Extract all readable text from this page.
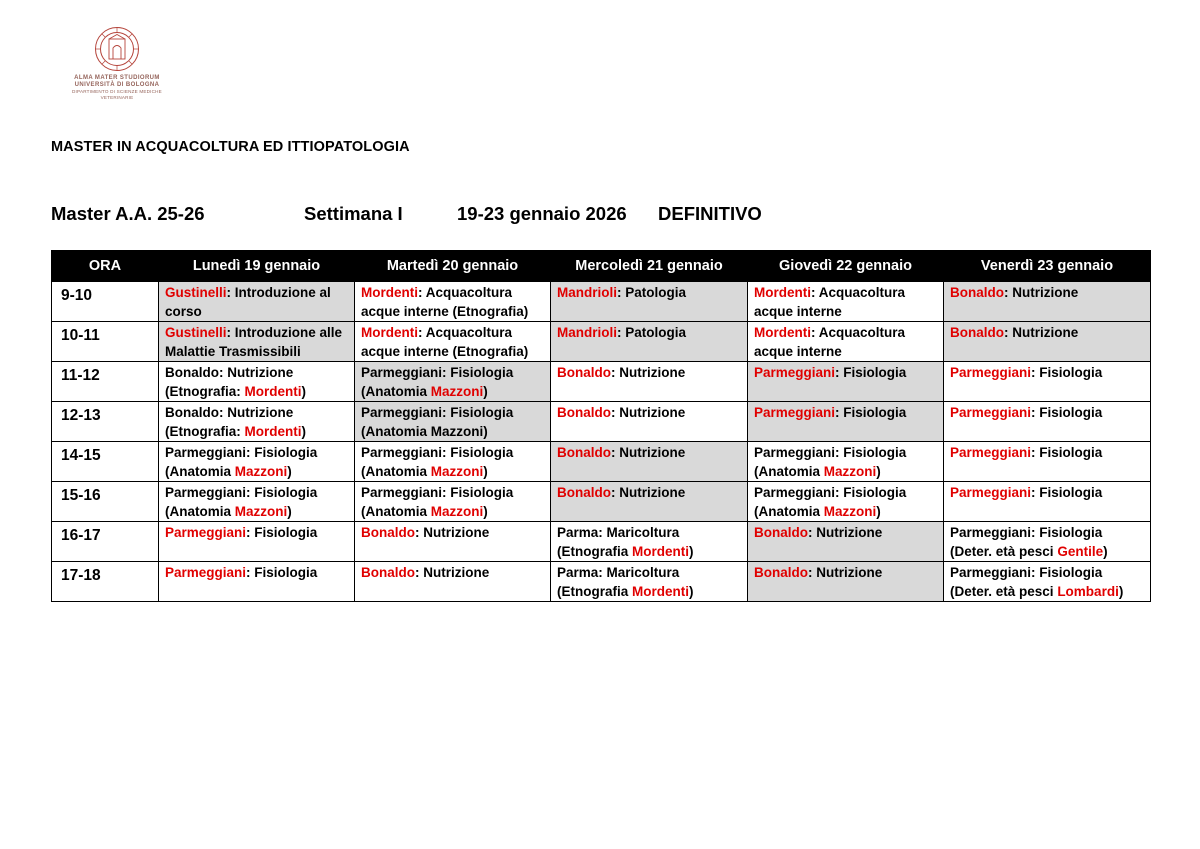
ALMA MATER STUDIORUM
UNIVERSITÀ DI BOLOGNA
DIPARTIMENTO DI SCIENZE MEDICHE VETERINARIE
MASTER IN ACQUACOLTURA ED ITTIOPATOLOGIA
Master A.A. 25-26	Settimana I	19-23 gennaio 2026 DEFINITIVO
ORA	Lunedì 19 gennaio	Martedì 20 gennaio	Mercoledì 21 gennaio	Giovedì 22 gennaio	Venerdì 23 gennaio
9-10	Gustinelli: Introduzione al corso	Mordenti: Acquacoltura acque interne (Etnografia)	Mandrioli: Patologia	Mordenti: Acquacoltura acque interne	Bonaldo: Nutrizione
10-11	Gustinelli: Introduzione alle Malattie Trasmissibili	Mordenti: Acquacoltura acque interne (Etnografia)	Mandrioli: Patologia	Mordenti: Acquacoltura acque interne	Bonaldo: Nutrizione
11-12	Bonaldo: Nutrizione (Etnografia: Mordenti)	Parmeggiani: Fisiologia (Anatomia Mazzoni)	Bonaldo: Nutrizione	Parmeggiani: Fisiologia	Parmeggiani: Fisiologia
12-13	Bonaldo: Nutrizione (Etnografia: Mordenti)	Parmeggiani: Fisiologia (Anatomia Mazzoni)	Bonaldo: Nutrizione	Parmeggiani: Fisiologia	Parmeggiani: Fisiologia
14-15	Parmeggiani: Fisiologia (Anatomia Mazzoni)	Parmeggiani: Fisiologia (Anatomia Mazzoni)	Bonaldo: Nutrizione	Parmeggiani: Fisiologia (Anatomia Mazzoni)	Parmeggiani: Fisiologia
15-16	Parmeggiani: Fisiologia (Anatomia Mazzoni)	Parmeggiani: Fisiologia (Anatomia Mazzoni)	Bonaldo: Nutrizione	Parmeggiani: Fisiologia (Anatomia Mazzoni)	Parmeggiani: Fisiologia
16-17	Parmeggiani: Fisiologia	Bonaldo: Nutrizione	Parma: Maricoltura (Etnografia Mordenti)	Bonaldo: Nutrizione	Parmeggiani: Fisiologia (Deter. età pesci Gentile)
17-18	Parmeggiani: Fisiologia	Bonaldo: Nutrizione	Parma: Maricoltura (Etnografia Mordenti)	Bonaldo: Nutrizione	Parmeggiani: Fisiologia (Deter. età pesci Lombardi)
